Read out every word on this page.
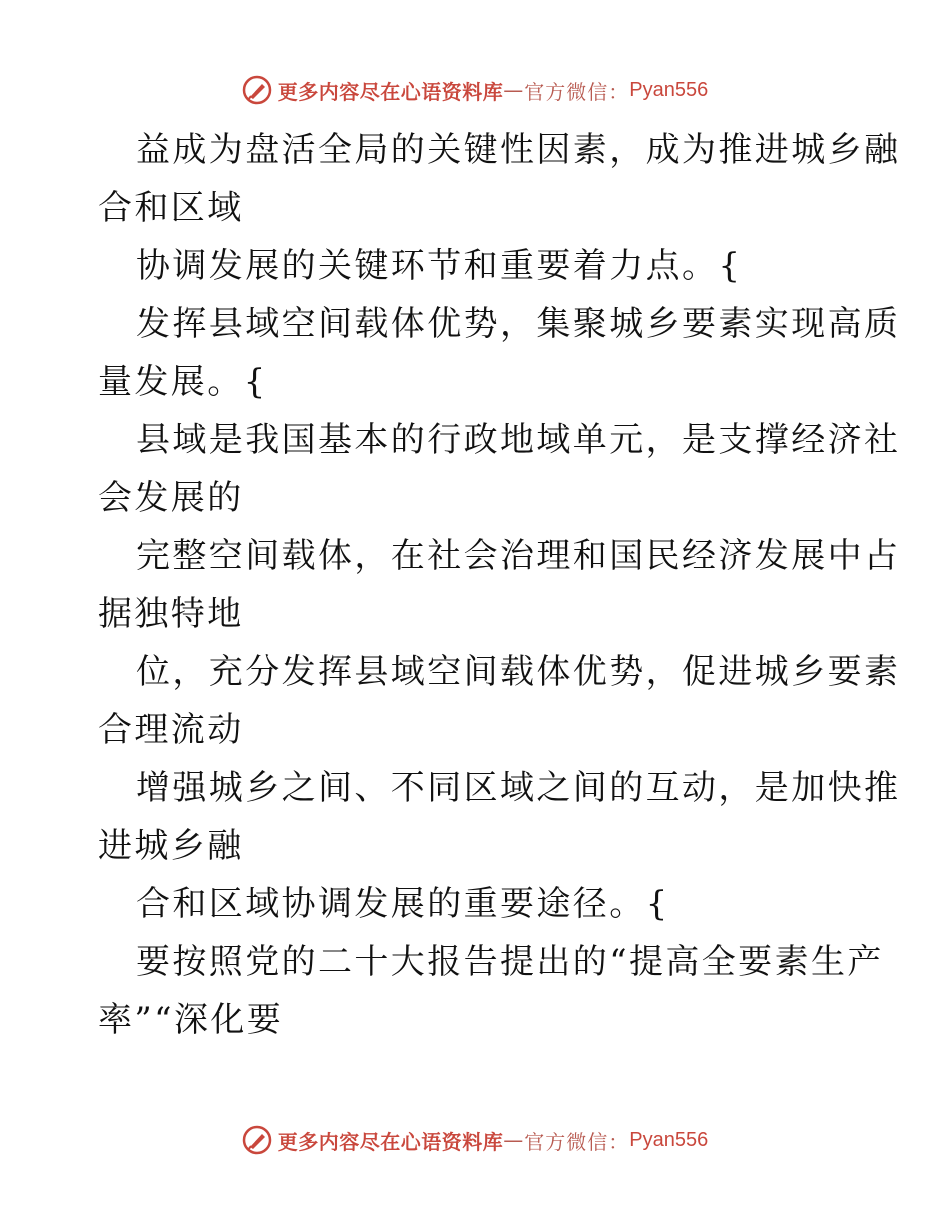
更多内容尽在心语资料库 — 官方微信： Pyan556
益成为盘活全局的关键性因素，成为推进城乡融
合和区域
协调发展的关键环节和重要着力点。{
发挥县域空间载体优势，集聚城乡要素实现高质
量发展。{
县域是我国基本的行政地域单元，是支撑经济社
会发展的
完整空间载体，在社会治理和国民经济发展中占
据独特地
位，充分发挥县域空间载体优势，促进城乡要素
合理流动
增强城乡之间、不同区域之间的互动，是加快推
进城乡融
合和区域协调发展的重要途径。{
要按照党的二十大报告提出的“提高全要素生产
率”“深化要
更多内容尽在心语资料库 — 官方微信： Pyan556
